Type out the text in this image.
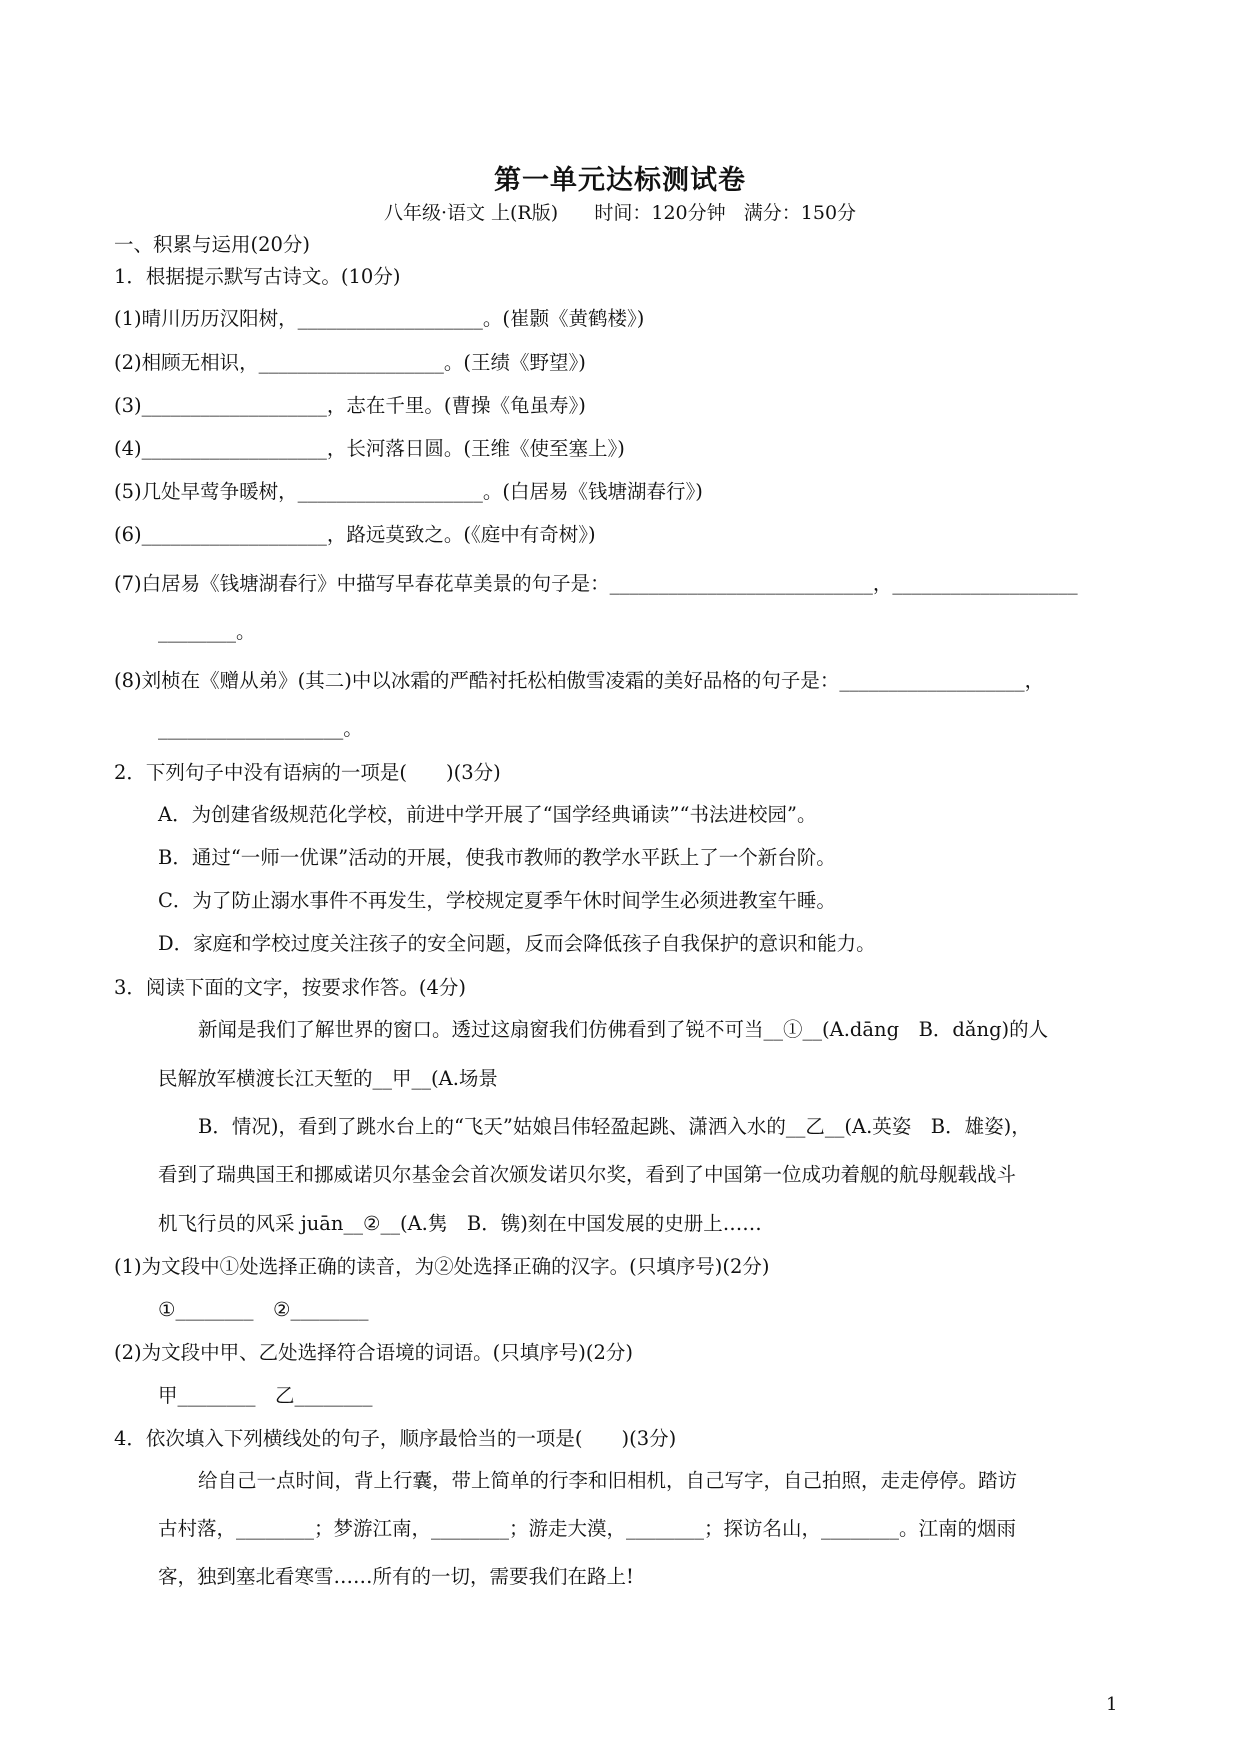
第一单元达标测试卷
八年级·语文 上(R版)      时间：120分钟   满分：150分
一、积累与运用(20分)
1．根据提示默写古诗文。(10分)
(1)晴川历历汉阳树，___________________。(崔颢《黄鹤楼》)
(2)相顾无相识，___________________。(王绩《野望》)
(3)___________________，志在千里。(曹操《龟虽寿》)
(4)___________________，长河落日圆。(王维《使至塞上》)
(5)几处早莺争暖树，___________________。(白居易《钱塘湖春行》)
(6)___________________，路远莫致之。(《庭中有奇树》)
(7)白居易《钱塘湖春行》中描写早春花草美景的句子是：___________________________，___________________
________。
(8)刘桢在《赠从弟》(其二)中以冰霜的严酷衬托松柏傲雪凌霜的美好品格的句子是：___________________，
___________________。
2．下列句子中没有语病的一项是(　　)(3分)
A．为创建省级规范化学校，前进中学开展了“国学经典诵读”“书法进校园”。
B．通过“一师一优课”活动的开展，使我市教师的教学水平跃上了一个新台阶。
C．为了防止溺水事件不再发生，学校规定夏季午休时间学生必须进教室午睡。
D．家庭和学校过度关注孩子的安全问题，反而会降低孩子自我保护的意识和能力。
3．阅读下面的文字，按要求作答。(4分)
新闻是我们了解世界的窗口。透过这扇窗我们仿佛看到了锐不可当__①__(A.dāng　B．dǎng)的人
民解放军横渡长江天堑的__甲__(A.场景
B．情况)，看到了跳水台上的“飞天”姑娘吕伟轻盈起跳、潇洒入水的__乙__(A.英姿　B．雄姿)，
看到了瑞典国王和挪威诺贝尔基金会首次颁发诺贝尔奖，看到了中国第一位成功着舰的航母舰载战斗
机飞行员的风采 juān__②__(A.隽　B．镌)刻在中国发展的史册上……
(1)为文段中①处选择正确的读音，为②处选择正确的汉字。(只填序号)(2分)
①________　②________
(2)为文段中甲、乙处选择符合语境的词语。(只填序号)(2分)
甲________　乙________
4．依次填入下列横线处的句子，顺序最恰当的一项是(　　)(3分)
给自己一点时间，背上行囊，带上简单的行李和旧相机，自己写字，自己拍照，走走停停。踏访
古村落，________；梦游江南，________；游走大漠，________；探访名山，________。江南的烟雨
客，独到塞北看寒雪……所有的一切，需要我们在路上!
1
